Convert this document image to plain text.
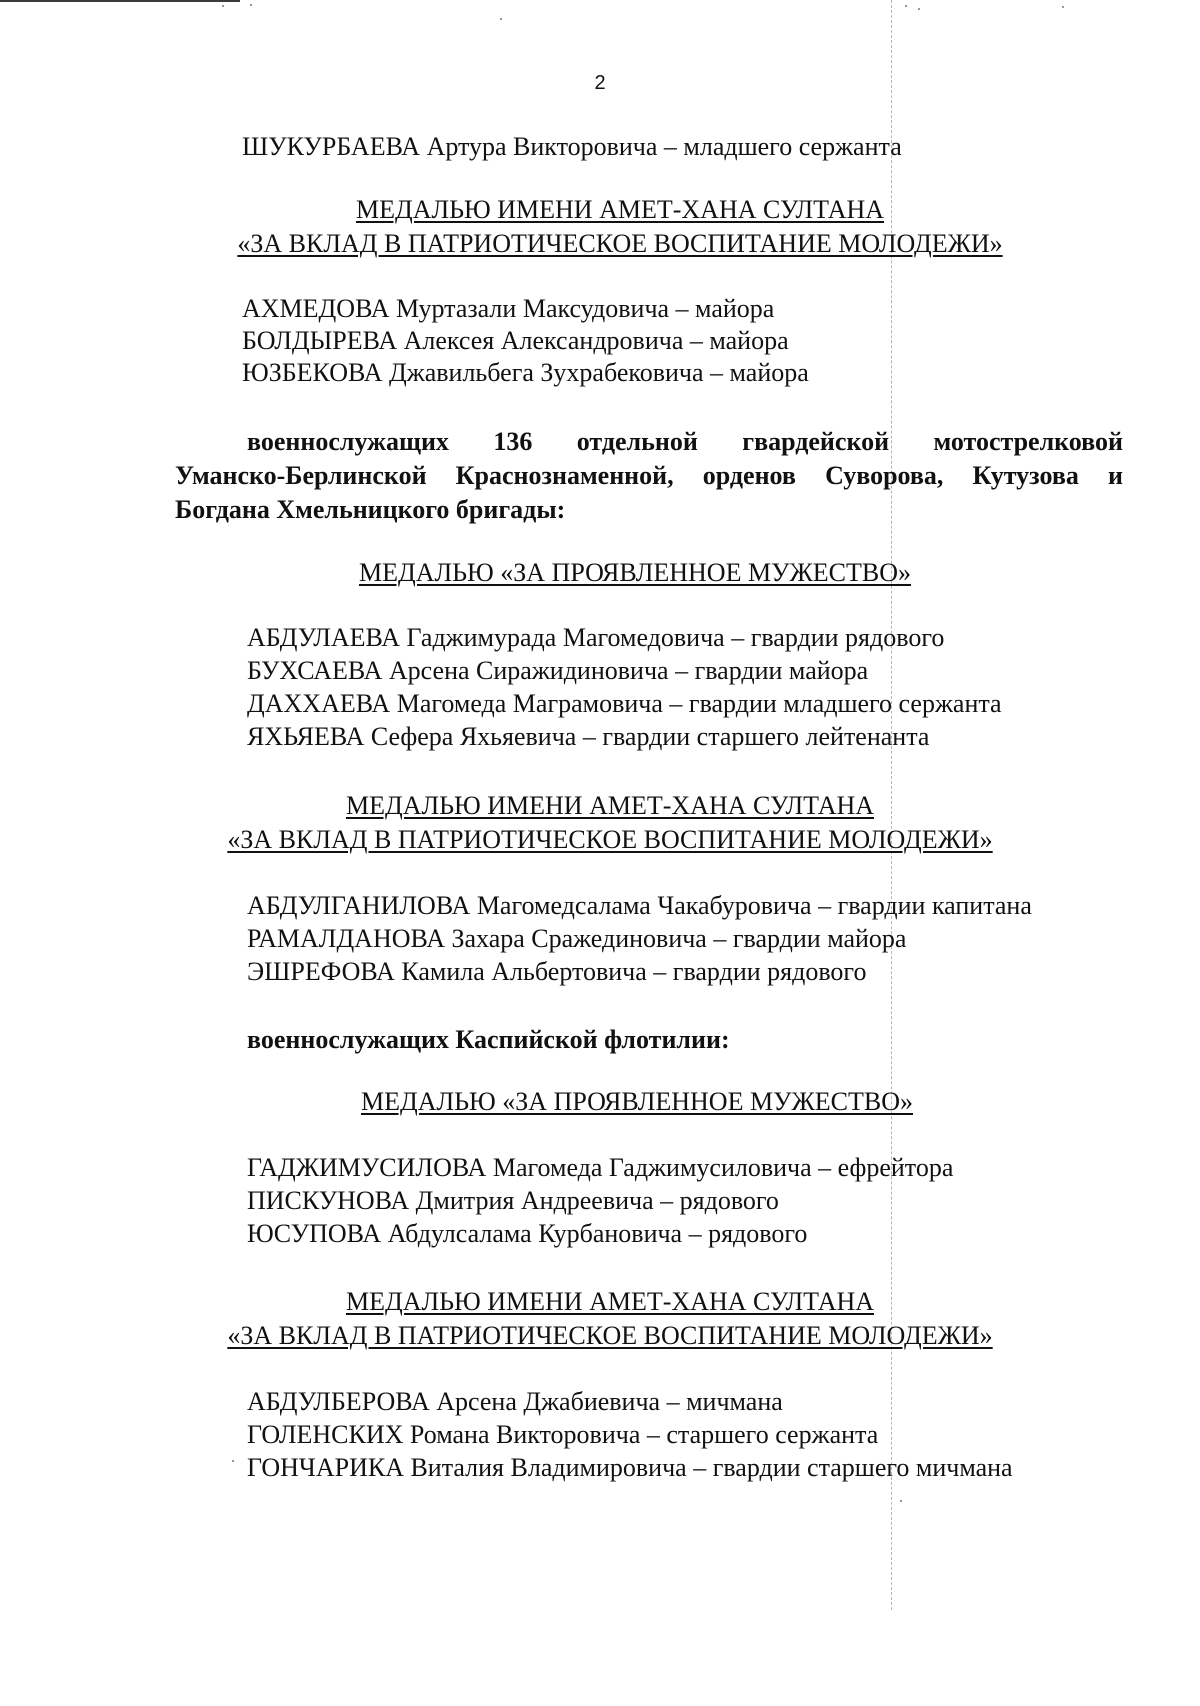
2
ШУКУРБАЕВА Артура Викторовича – младшего сержанта
МЕДАЛЬЮ ИМЕНИ АМЕТ-ХАНА СУЛТАНА
«ЗА ВКЛАД В ПАТРИОТИЧЕСКОЕ ВОСПИТАНИЕ МОЛОДЕЖИ»
АХМЕДОВА Муртазали Максудовича – майора
БОЛДЫРЕВА Алексея Александровича – майора
ЮЗБЕКОВА Джавильбега Зухрабековича – майора

военнослужащих 136 отдельной гвардейской мотострелковой

Уманско-Берлинской Краснознаменной, орденов Суворова, Кутузова и

Богдана Хмельницкого бригады:

МЕДАЛЬЮ «ЗА ПРОЯВЛЕННОЕ МУЖЕСТВО»
АБДУЛАЕВА Гаджимурада Магомедовича – гвардии рядового
БУХСАЕВА Арсена Сиражидиновича – гвардии майора
ДАХХАЕВА Магомеда Маграмовича – гвардии младшего сержанта
ЯХЬЯЕВА Сефера Яхьяевича – гвардии старшего лейтенанта
МЕДАЛЬЮ ИМЕНИ АМЕТ-ХАНА СУЛТАНА
«ЗА ВКЛАД В ПАТРИОТИЧЕСКОЕ ВОСПИТАНИЕ МОЛОДЕЖИ»
АБДУЛГАНИЛОВА Магомедсалама Чакабуровича – гвардии капитана
РАМАЛДАНОВА Захара Сражединовича – гвардии майора
ЭШРЕФОВА Камила Альбертовича – гвардии рядового
военнослужащих Каспийской флотилии:
МЕДАЛЬЮ «ЗА ПРОЯВЛЕННОЕ МУЖЕСТВО»
ГАДЖИМУСИЛОВА Магомеда Гаджимусиловича – ефрейтора
ПИСКУНОВА Дмитрия Андреевича – рядового
ЮСУПОВА Абдулсалама Курбановича – рядового
МЕДАЛЬЮ ИМЕНИ АМЕТ-ХАНА СУЛТАНА
«ЗА ВКЛАД В ПАТРИОТИЧЕСКОЕ ВОСПИТАНИЕ МОЛОДЕЖИ»
АБДУЛБЕРОВА Арсена Джабиевича – мичмана
ГОЛЕНСКИХ Романа Викторовича – старшего сержанта
ГОНЧАРИКА Виталия Владимировича – гвардии старшего мичмана
